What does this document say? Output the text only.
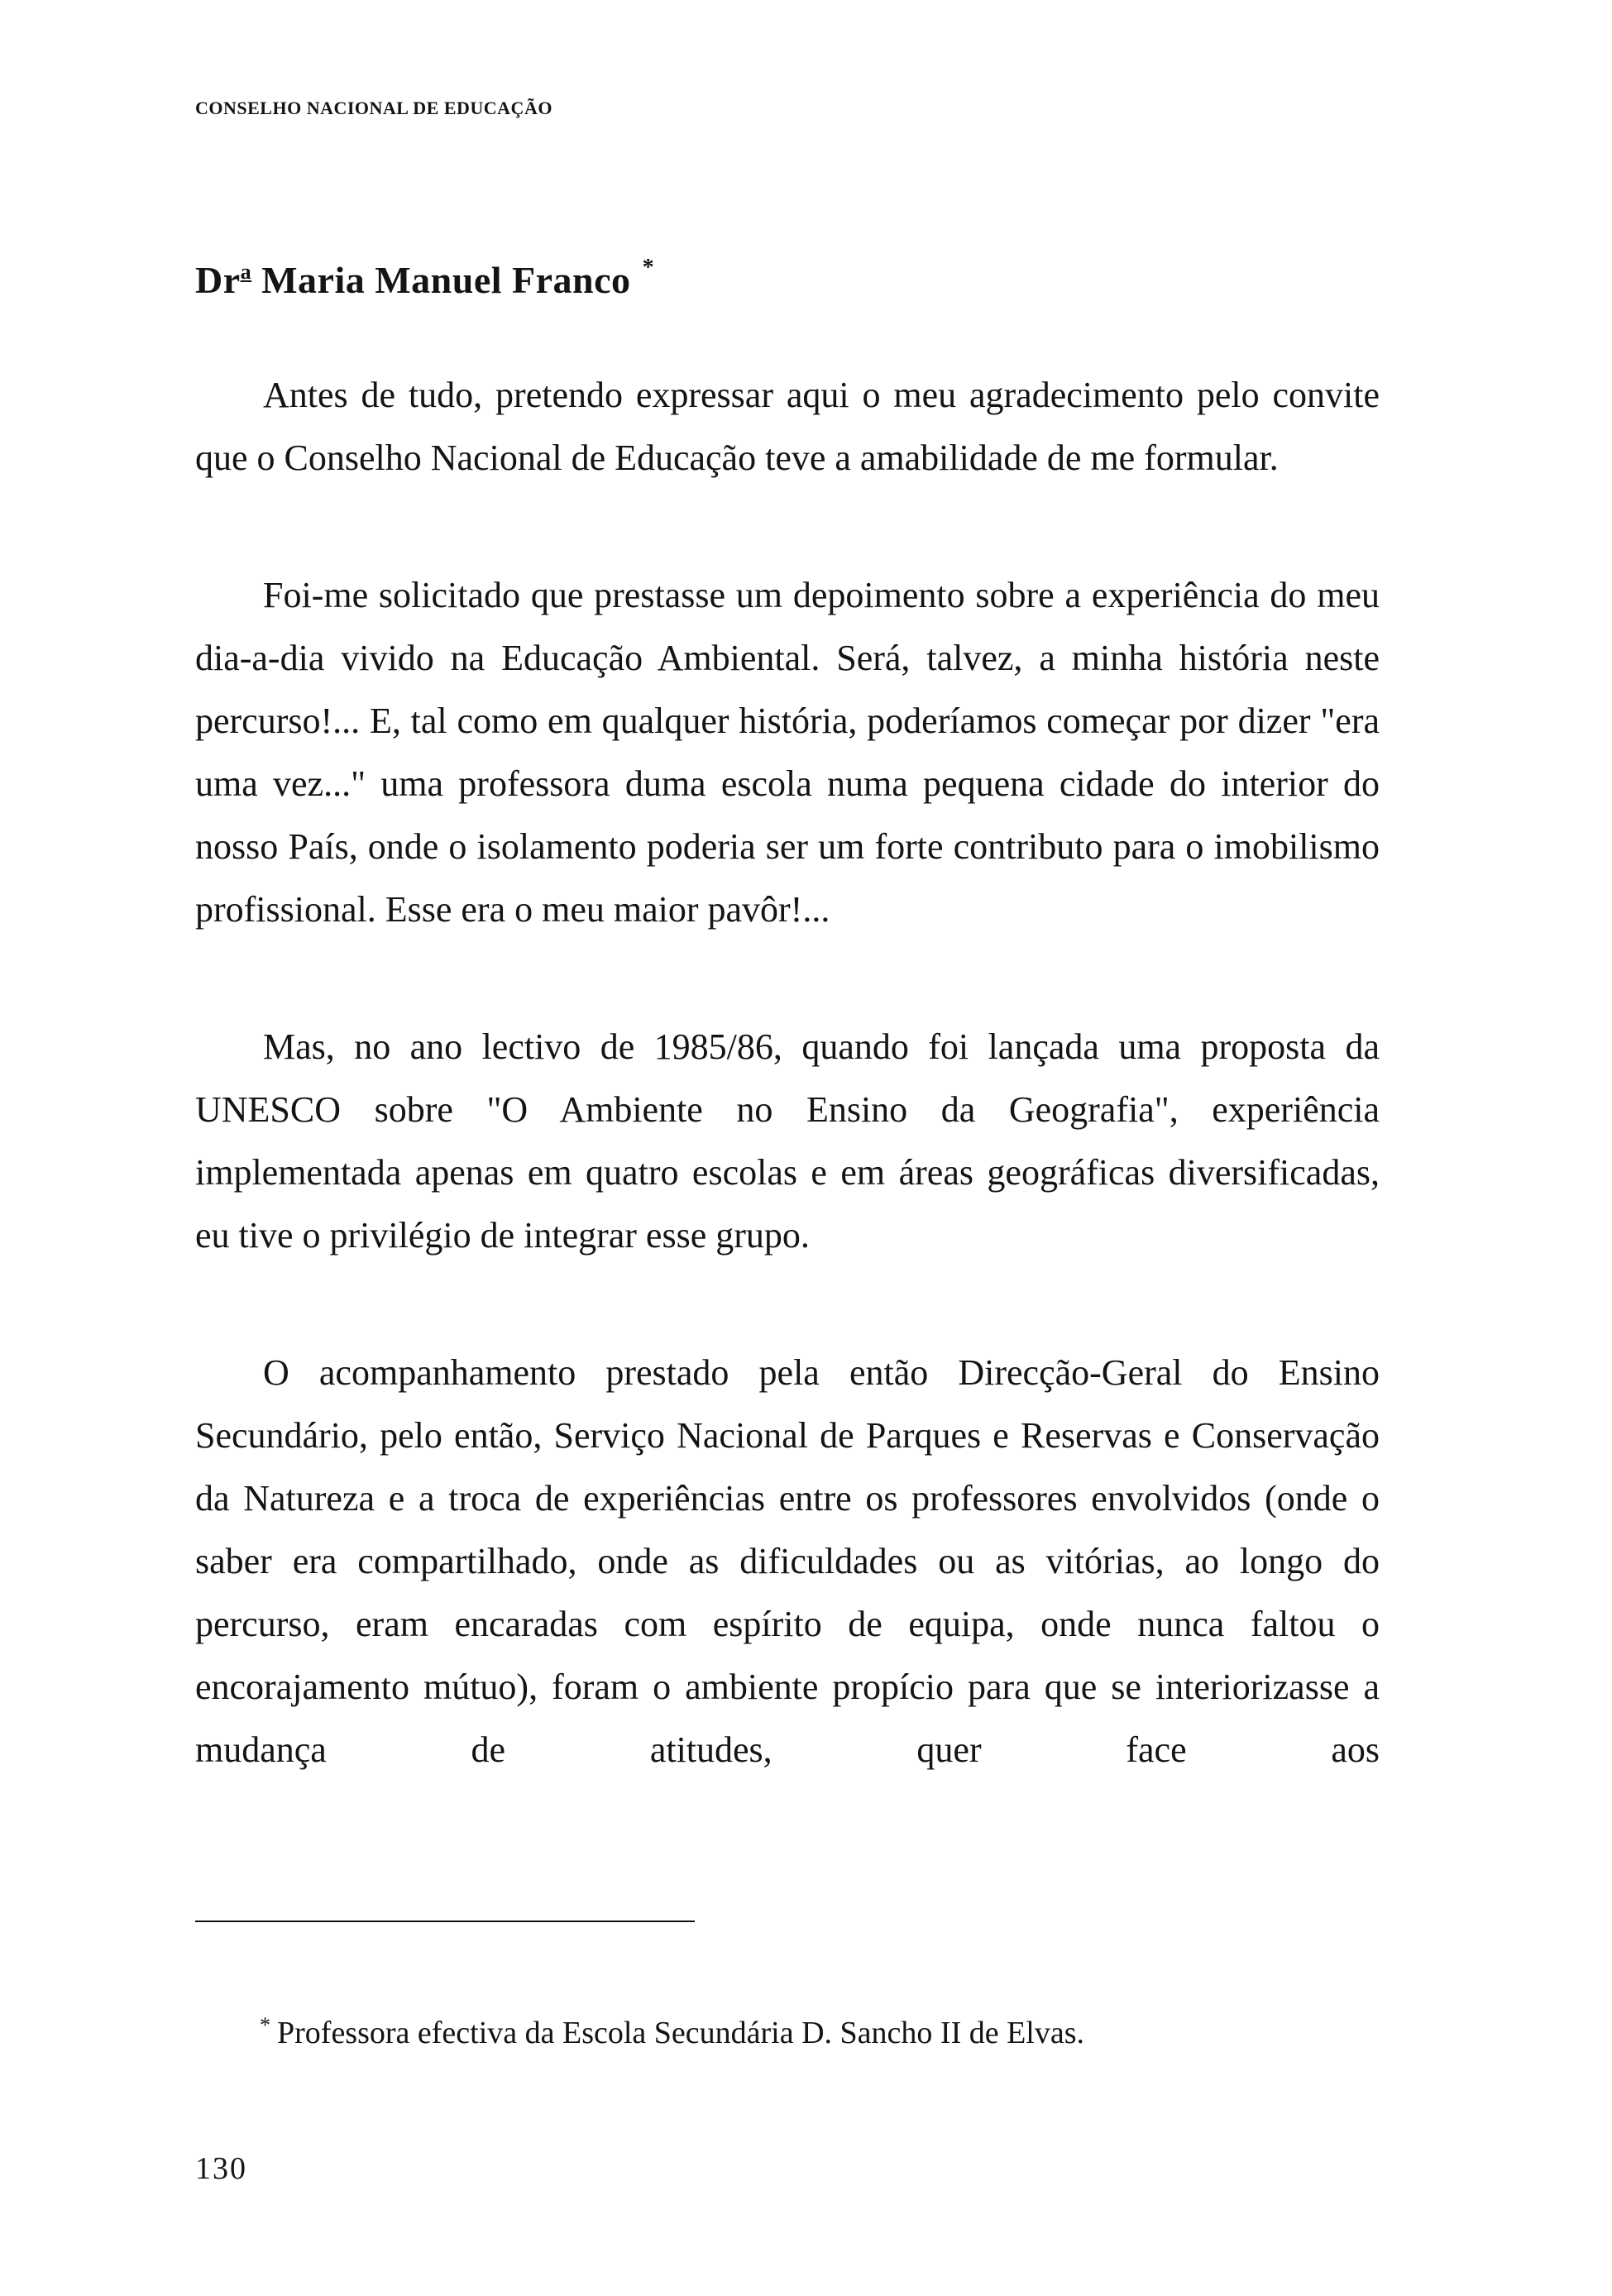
CONSELHO NACIONAL DE EDUCAÇÃO
Dr$^a$ Maria Manuel Franco *

Antes de tudo, pretendo expressar aqui o meu agradecimento pelo convite que o Conselho Nacional de Educação teve a amabilidade de me formular.

Foi-me solicitado que prestasse um depoimento sobre a experiência do meu dia-a-dia vivido na Educação Ambiental. Será, talvez, a minha história neste percurso!... E, tal como em qualquer história, poderíamos começar por dizer "era uma vez..." uma professora duma escola numa pequena cidade do interior do nosso País, onde o isolamento poderia ser um forte contributo para o imobilismo profissional. Esse era o meu maior pavôr!...

Mas, no ano lectivo de 1985/86, quando foi lançada uma proposta da UNESCO sobre "O Ambiente no Ensino da Geografia", experiência implementada apenas em quatro escolas e em áreas geográficas diversificadas, eu tive o privilégio de integrar esse grupo.

O acompanhamento prestado pela então Direcção-Geral do Ensino Secundário, pelo então, Serviço Nacional de Parques e Reservas e Conservação da Natureza e a troca de experiências entre os professores envolvidos (onde o saber era compartilhado, onde as dificuldades ou as vitórias, ao longo do percurso, eram encaradas com espírito de equipa, onde nunca faltou o encorajamento mútuo), foram o ambiente propício para que se interiorizasse a mudança de atitudes, quer face aos

* Professora efectiva da Escola Secundária D. Sancho II de Elvas.
130
